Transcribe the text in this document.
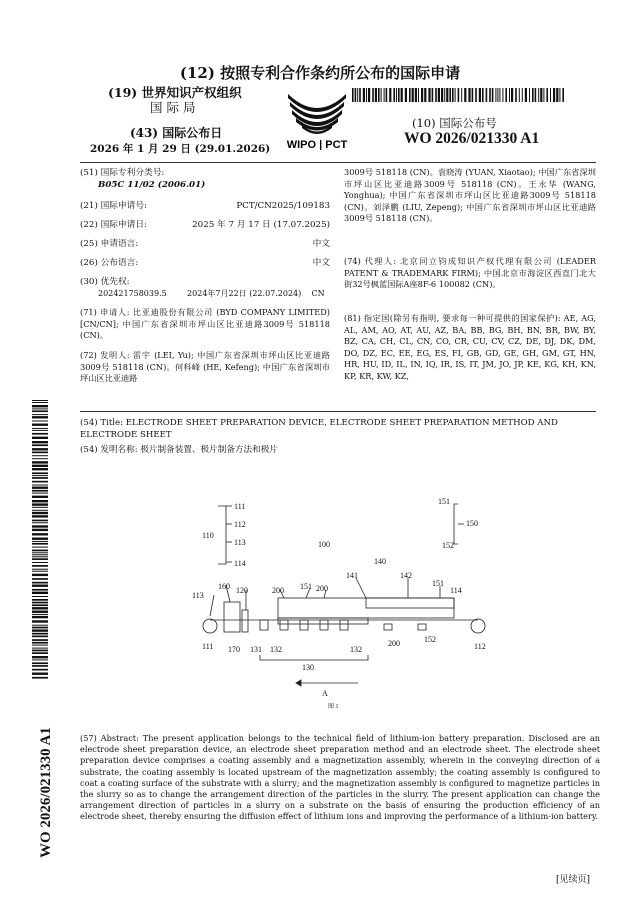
(12) 按照专利合作条约所公布的国际申请
(19) 世界知识产权组织
国 际 局
(43) 国际公布日
2026 年 1 月 29 日 (29.01.2026) WIPO | PCT
(10) 国际公布号
WO 2026/021330 A1
(51) 国际专利分类号:
B05C 11/02 (2006.01)
(21) 国际申请号:	PCT/CN2025/109183
(22) 国际申请日:	2025 年 7 月 17 日 (17.07.2025)
(25) 申请语言:	中文
(26) 公布语言:	中文
(30) 优先权:
202421758039.5        2024年7月22日 (22.07.2024)    CN
(71) 申请人: 比亚迪股份有限公司 (BYD COMPANY LIMITED) [CN/CN]; 中国广东省深圳市坪山区比亚迪路3009号 518118 (CN)。
(72) 发明人: 雷宇 (LEI, Yu); 中国广东省深圳市坪山区比亚迪路3009号 518118 (CN)。何科峰 (HE, Kefeng); 中国广东省深圳市坪山区比亚迪路
3009号 518118 (CN)。袁晓涛 (YUAN, Xiaotao); 中国广东省深圳市坪山区比亚迪路3009号 518118 (CN)。王永华 (WANG, Yonghua); 中国广东省深圳市坪山区比亚迪路3009号 518118 (CN)。刘泽鹏 (LIU, Zepeng); 中国广东省深圳市坪山区比亚迪路3009号 518118 (CN)。
(74) 代理人: 北京同立钧成知识产权代理有限公司 (LEADER PATENT & TRADEMARK FIRM); 中国北京市海淀区西直门北大街32号枫蓝国际A座8F-6 100082 (CN)。
(81) 指定国(除另有指明, 要求每一种可提供的国家保护): AE, AG, AL, AM, AO, AT, AU, AZ, BA, BB, BG, BH, BN, BR, BW, BY, BZ, CA, CH, CL, CN, CO, CR, CU, CV, CZ, DE, DJ, DK, DM, DO, DZ, EC, EE, EG, ES, FI, GB, GD, GE, GH, GM, GT, HN, HR, HU, ID, IL, IN, IQ, IR, IS, IT, JM, JO, JP, KE, KG, KH, KN, KP, KR, KW, KZ,
(54) Title: ELECTRODE SHEET PREPARATION DEVICE, ELECTRODE SHEET PREPARATION METHOD AND ELECTRODE SHEET
(54) 发明名称: 极片制备装置、极片制备方法和极片
WO 2026/021330 A1
111
112
113
114
110
100
151
150
152
140
141	142
160 120	200 151 200
151
114
113
111 170 131 132	132
200	152
112
130
A
图 1
(57) Abstract: The present application belongs to the technical field of lithium-ion battery preparation. Disclosed are an electrode sheet preparation device, an electrode sheet preparation method and an electrode sheet. The electrode sheet preparation device comprises a coating assembly and a magnetization assembly, wherein in the conveying direction of a substrate, the coating assembly is located upstream of the magnetization assembly; the coating assembly is configured to coat a coating surface of the substrate with a slurry; and the magnetization assembly is configured to magnetize particles in the slurry so as to change the arrangement direction of the particles in the slurry. The present application can change the arrangement direction of particles in a slurry on a substrate on the basis of ensuring the production efficiency of an electrode sheet, thereby ensuring the diffusion effect of lithium ions and improving the performance of a lithium-ion battery.
[见续页]
